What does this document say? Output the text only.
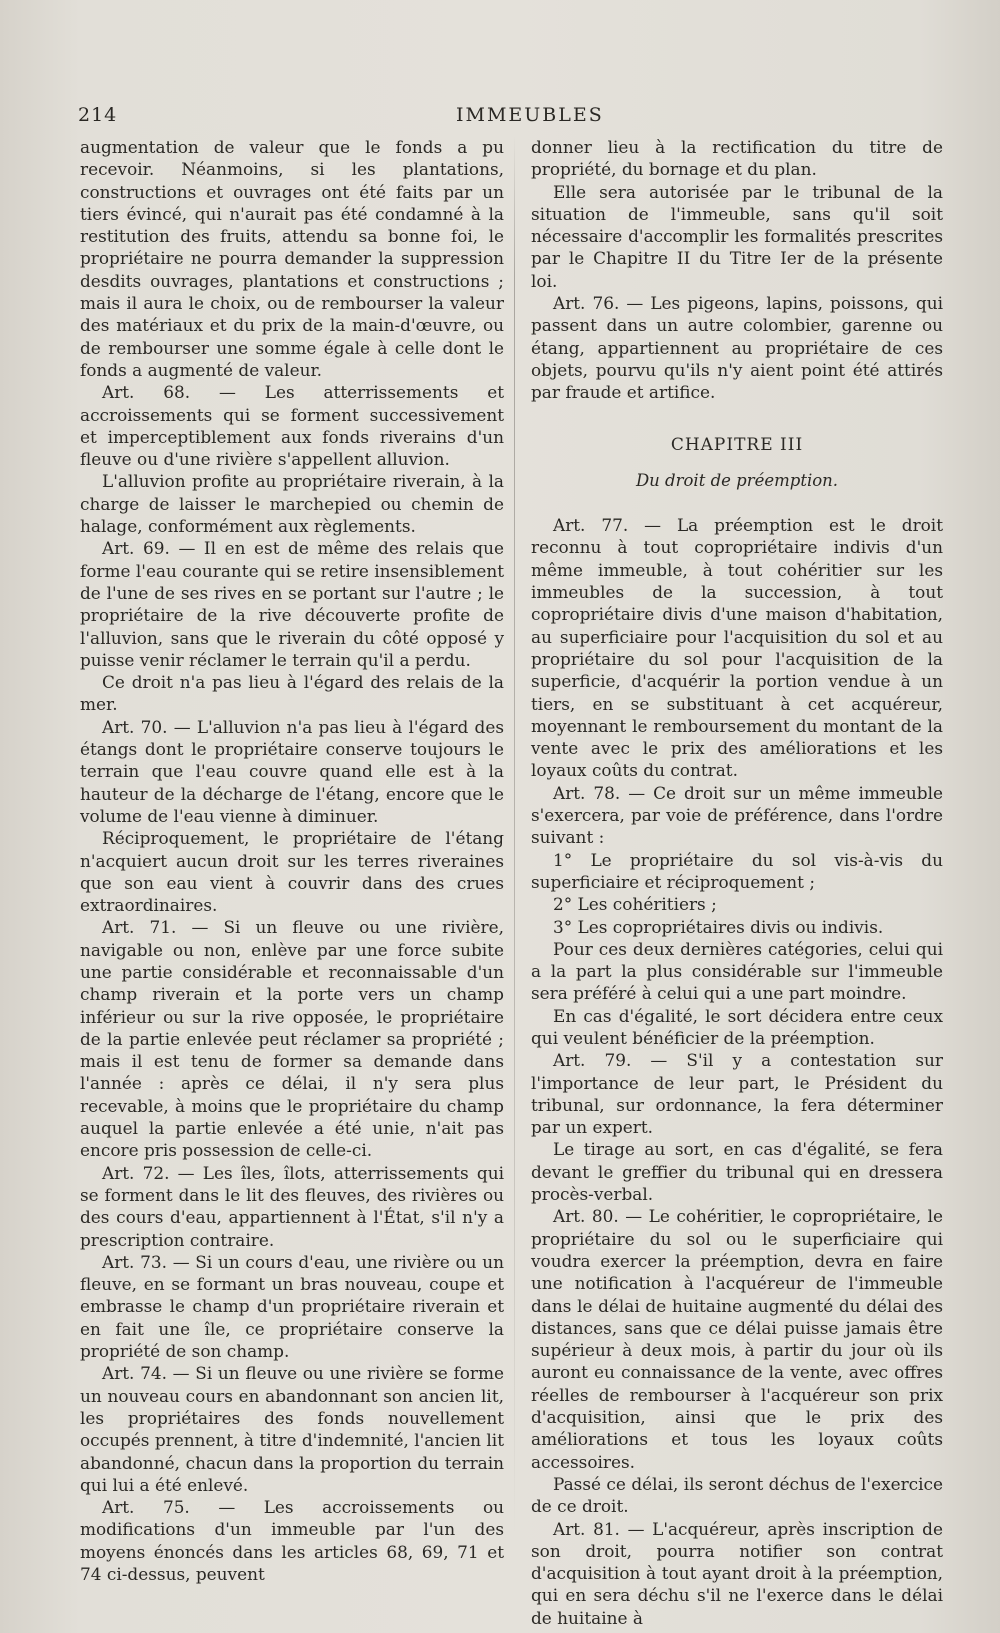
214	IMMEUBLES

augmentation de valeur que le fonds a pu recevoir. Néanmoins, si les plantations, constructions et ouvrages ont été faits par un tiers évincé, qui n'aurait pas été condamné à la restitution des fruits, attendu sa bonne foi, le propriétaire ne pourra demander la suppression desdits ouvrages, plantations et constructions ; mais il aura le choix, ou de rembourser la valeur des matériaux et du prix de la main-d'œuvre, ou de rembourser une somme égale à celle dont le fonds a augmenté de valeur.

Art. 68. — Les atterrissements et accroissements qui se forment successivement et imperceptiblement aux fonds riverains d'un fleuve ou d'une rivière s'appellent alluvion.

L'alluvion profite au propriétaire riverain, à la charge de laisser le marchepied ou chemin de halage, conformément aux règlements.

Art. 69. — Il en est de même des relais que forme l'eau courante qui se retire insensiblement de l'une de ses rives en se portant sur l'autre ; le propriétaire de la rive découverte profite de l'alluvion, sans que le riverain du côté opposé y puisse venir réclamer le terrain qu'il a perdu.

Ce droit n'a pas lieu à l'égard des relais de la mer.

Art. 70. — L'alluvion n'a pas lieu à l'égard des étangs dont le propriétaire conserve toujours le terrain que l'eau couvre quand elle est à la hauteur de la décharge de l'étang, encore que le volume de l'eau vienne à diminuer.

Réciproquement, le propriétaire de l'étang n'acquiert aucun droit sur les terres riveraines que son eau vient à couvrir dans des crues extraordinaires.

Art. 71. — Si un fleuve ou une rivière, navigable ou non, enlève par une force subite une partie considérable et reconnaissable d'un champ riverain et la porte vers un champ inférieur ou sur la rive opposée, le propriétaire de la partie enlevée peut réclamer sa propriété ; mais il est tenu de former sa demande dans l'année : après ce délai, il n'y sera plus recevable, à moins que le propriétaire du champ auquel la partie enlevée a été unie, n'ait pas encore pris possession de celle-ci.

Art. 72. — Les îles, îlots, atterrissements qui se forment dans le lit des fleuves, des rivières ou des cours d'eau, appartiennent à l'État, s'il n'y a prescription contraire.

Art. 73. — Si un cours d'eau, une rivière ou un fleuve, en se formant un bras nouveau, coupe et embrasse le champ d'un propriétaire riverain et en fait une île, ce propriétaire conserve la propriété de son champ.

Art. 74. — Si un fleuve ou une rivière se forme un nouveau cours en abandonnant son ancien lit, les propriétaires des fonds nouvellement occupés prennent, à titre d'indemnité, l'ancien lit abandonné, chacun dans la proportion du terrain qui lui a été enlevé.

Art. 75. — Les accroissements ou modifications d'un immeuble par l'un des moyens énoncés dans les articles 68, 69, 71 et 74 ci-dessus, peuvent

donner lieu à la rectification du titre de propriété, du bornage et du plan.

Elle sera autorisée par le tribunal de la situation de l'immeuble, sans qu'il soit nécessaire d'accomplir les formalités prescrites par le Chapitre II du Titre Ier de la présente loi.

Art. 76. — Les pigeons, lapins, poissons, qui passent dans un autre colombier, garenne ou étang, appartiennent au propriétaire de ces objets, pourvu qu'ils n'y aient point été attirés par fraude et artifice.

CHAPITRE III
Du droit de préemption.

Art. 77. — La préemption est le droit reconnu à tout copropriétaire indivis d'un même immeuble, à tout cohéritier sur les immeubles de la succession, à tout copropriétaire divis d'une maison d'habitation, au superficiaire pour l'acquisition du sol et au propriétaire du sol pour l'acquisition de la superficie, d'acquérir la portion vendue à un tiers, en se substituant à cet acquéreur, moyennant le remboursement du montant de la vente avec le prix des améliorations et les loyaux coûts du contrat.

Art. 78. — Ce droit sur un même immeuble s'exercera, par voie de préférence, dans l'ordre suivant :

1° Le propriétaire du sol vis-à-vis du superficiaire et réciproquement ;

2° Les cohéritiers ;

3° Les copropriétaires divis ou indivis.

Pour ces deux dernières catégories, celui qui a la part la plus considérable sur l'immeuble sera préféré à celui qui a une part moindre.

En cas d'égalité, le sort décidera entre ceux qui veulent bénéficier de la préemption.

Art. 79. — S'il y a contestation sur l'importance de leur part, le Président du tribunal, sur ordonnance, la fera déterminer par un expert.

Le tirage au sort, en cas d'égalité, se fera devant le greffier du tribunal qui en dressera procès-verbal.

Art. 80. — Le cohéritier, le copropriétaire, le propriétaire du sol ou le superficiaire qui voudra exercer la préemption, devra en faire une notification à l'acquéreur de l'immeuble dans le délai de huitaine augmenté du délai des distances, sans que ce délai puisse jamais être supérieur à deux mois, à partir du jour où ils auront eu connaissance de la vente, avec offres réelles de rembourser à l'acquéreur son prix d'acquisition, ainsi que le prix des améliorations et tous les loyaux coûts accessoires.

Passé ce délai, ils seront déchus de l'exercice de ce droit.

Art. 81. — L'acquéreur, après inscription de son droit, pourra notifier son contrat d'acquisition à tout ayant droit à la préemption, qui en sera déchu s'il ne l'exerce dans le délai de huitaine à
